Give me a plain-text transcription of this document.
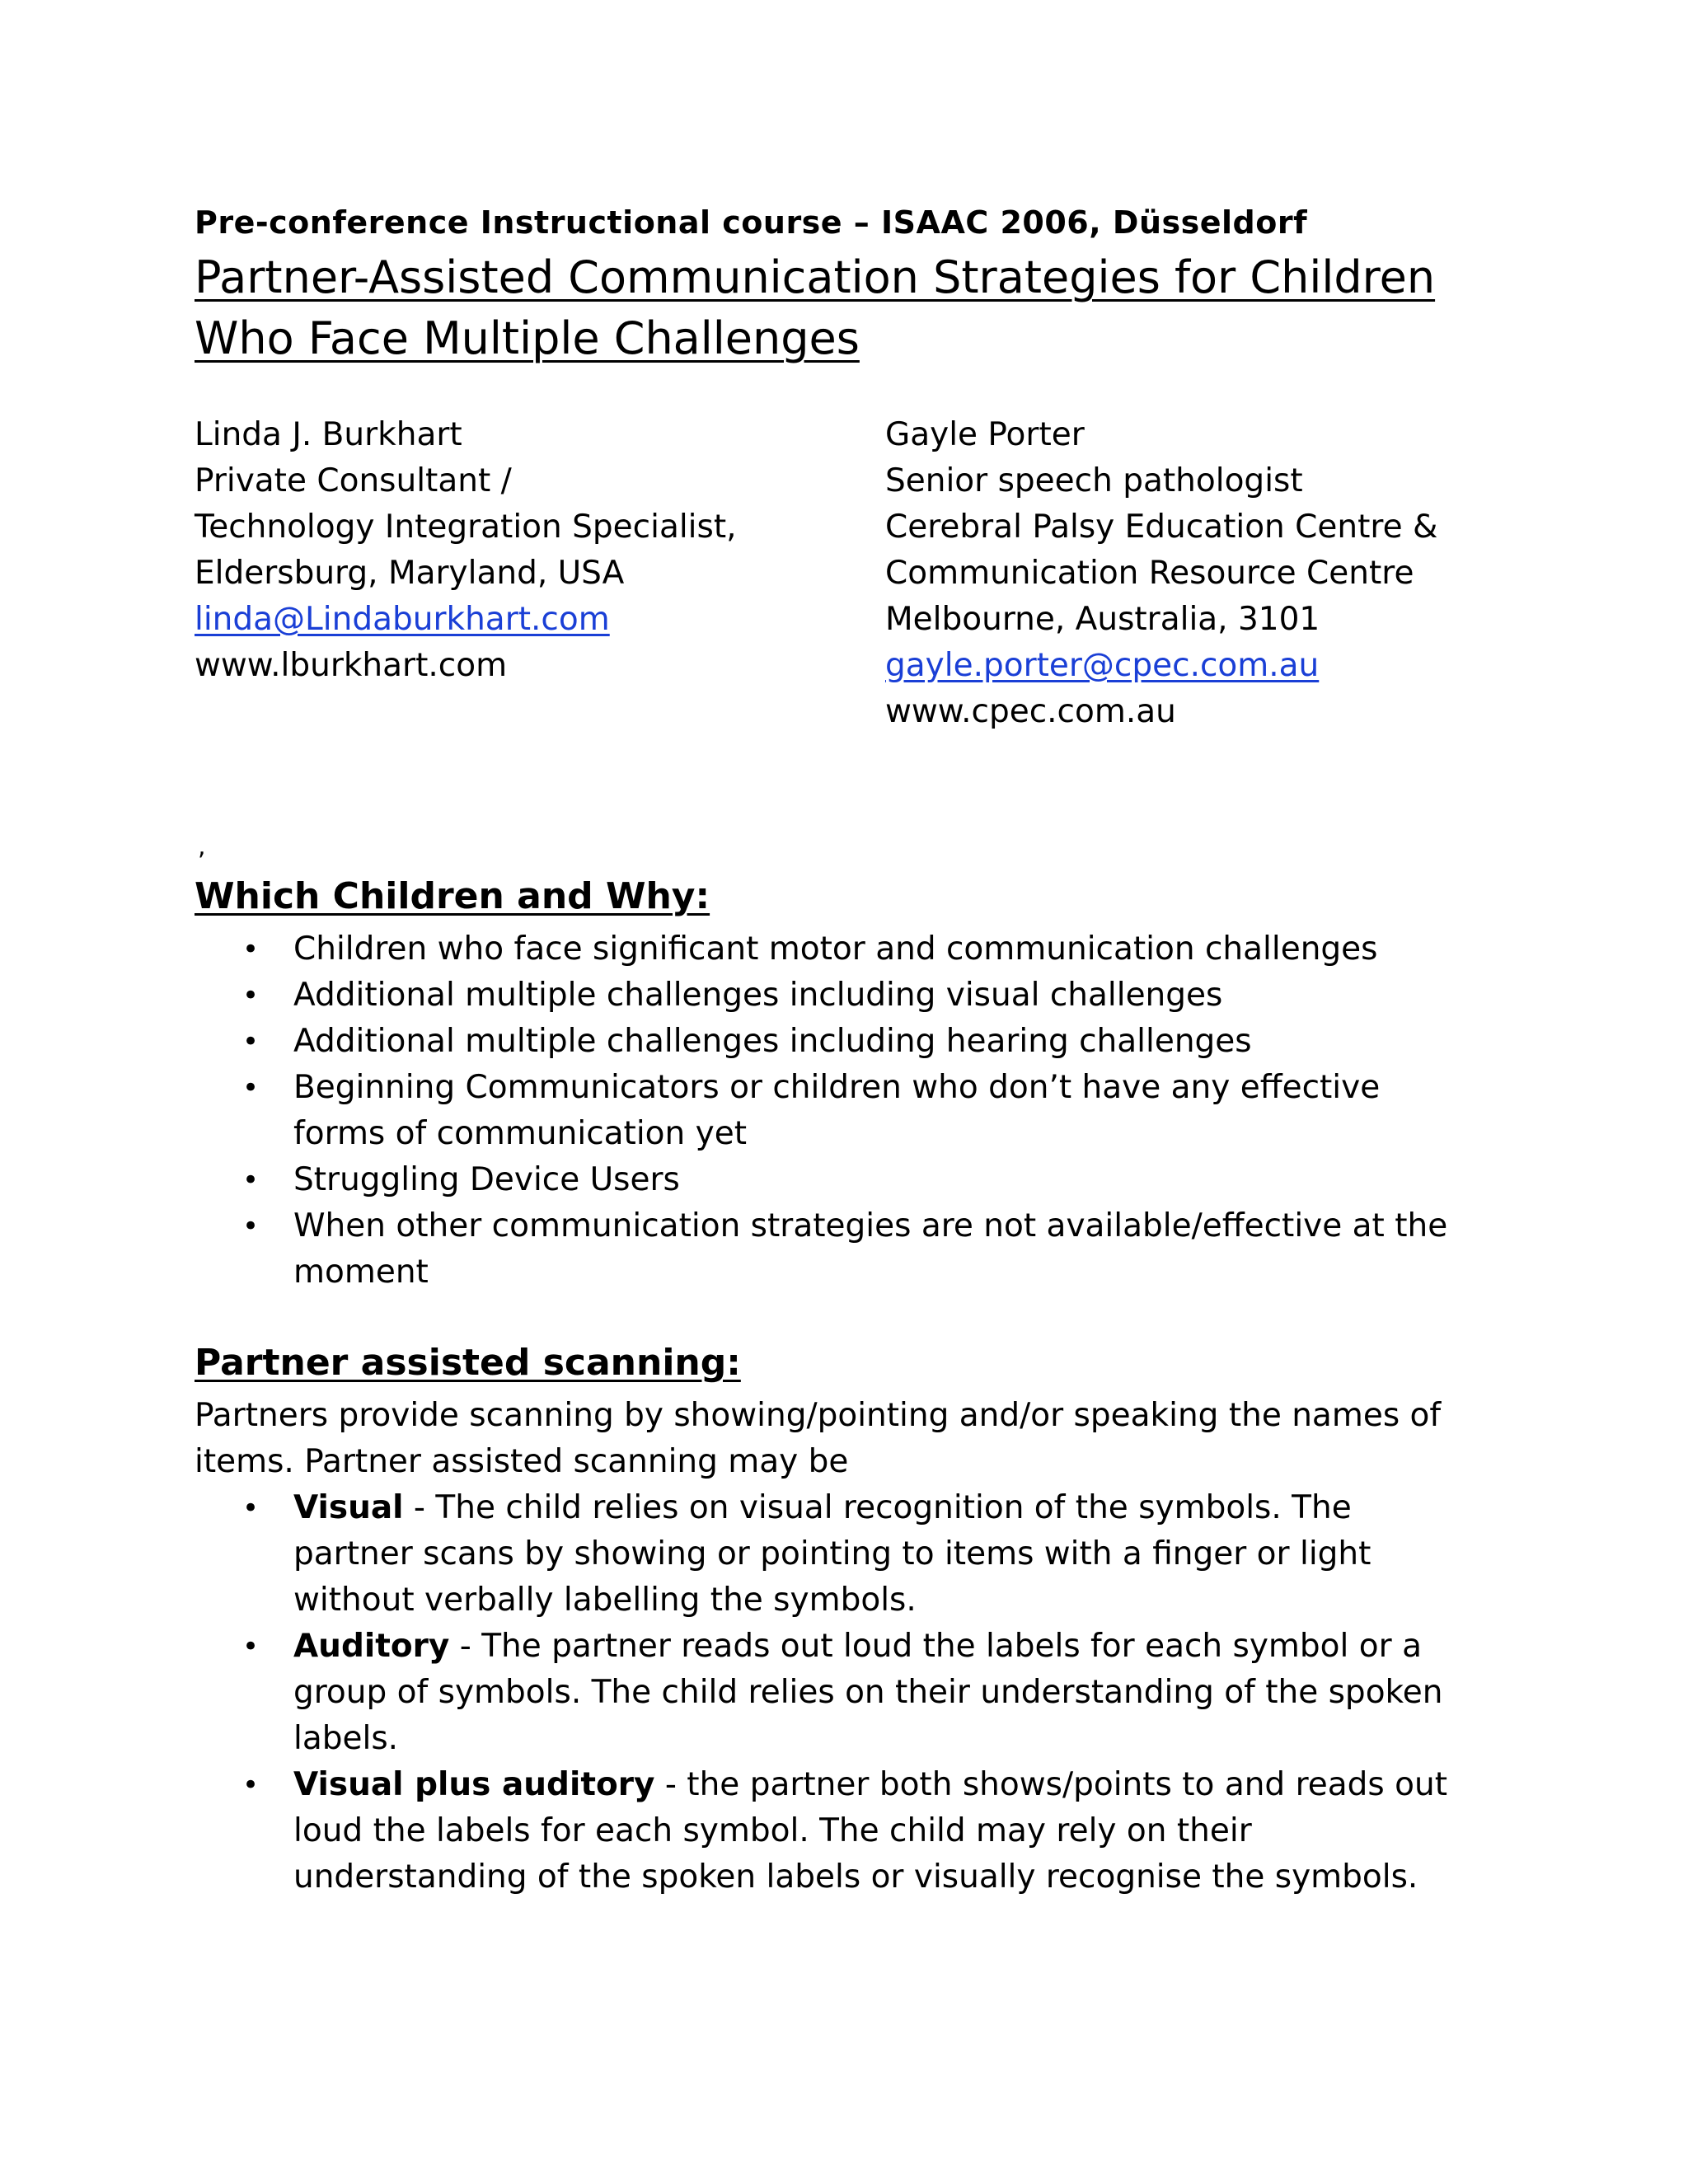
Pre-conference Instructional course – ISAAC 2006, Düsseldorf
Partner-Assisted Communication Strategies for Children Who Face Multiple Challenges
Linda J. Burkhart
Private Consultant /
Technology Integration Specialist,
Eldersburg, Maryland, USA
linda@Lindaburkhart.com
www.lburkhart.com
Gayle Porter
Senior speech pathologist
Cerebral Palsy Education Centre &
Communication Resource Centre
Melbourne, Australia, 3101
gayle.porter@cpec.com.au
www.cpec.com.au
,
Which Children and Why:
• Children who face significant motor and communication challenges
• Additional multiple challenges including visual challenges
• Additional multiple challenges including hearing challenges
• Beginning Communicators or children who don’t have any effective forms of communication yet
• Struggling Device Users
• When other communication strategies are not available/effective at the moment
Partner assisted scanning:
Partners provide scanning by showing/pointing and/or speaking the names of items. Partner assisted scanning may be
• Visual - The child relies on visual recognition of the symbols. The partner scans by showing or pointing to items with a finger or light without verbally labelling the symbols.
• Auditory - The partner reads out loud the labels for each symbol or a group of symbols. The child relies on their understanding of the spoken labels.
• Visual plus auditory - the partner both shows/points to and reads out loud the labels for each symbol. The child may rely on their understanding of the spoken labels or visually recognise the symbols.
